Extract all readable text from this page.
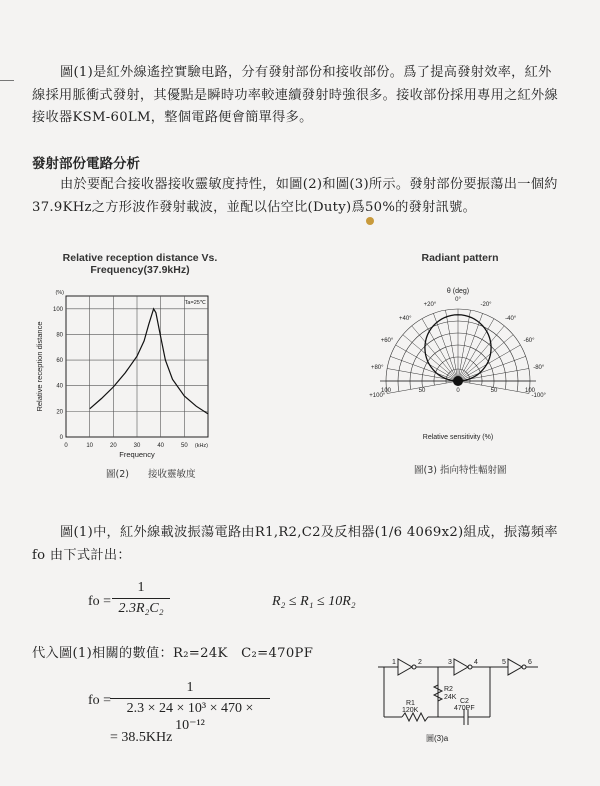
圖(1)是紅外線遙控實驗电路，分有發射部份和接收部份。爲了提高發射效率，紅外線採用脈衝式發射，其優點是瞬時功率較連續發射時強很多。接收部份採用專用之紅外線接收器KSM-60LM，整個電路便會簡單得多。

發射部份電路分析

由於要配合接收器接收靈敏度持性，如圖(2)和圖(3)所示。發射部份要振蕩出一個約37.9KHz之方形波作發射載波，並配以佔空比(Duty)爲50%的發射訊號。

Relative reception distance Vs. Frequency(37.9kHz)
0	10	20	30	40	50
0
20
40
60
80
100
(%)
(kHz)
Ta=25℃
Frequency
Relative reception distance
圖(2)　　接收靈敏度
Radiant pattern
0°
+20°
+40°
+60°
+80°
+100°
-20°
-40°
-60°
-80°
-100°
100	50	0	50	100
θ (deg)
Relative sensitivity (%)
圖(3) 指向特性輻射圖

圖(1)中，紅外線載波振蕩電路由R1,R2,C2及反相器(1/6 4069x2)組成，振蕩頻率 fo 由下式計出：

fo = $\frac{1}{\text{2.3R₂C₂}}$	R₂ ≤ R₁ ≤ 10R₂

代入圖(1)相關的數值：R₂=24K　C₂=470PF

fo =
$\frac{1}{\text{2.3 × 24 × 10³ × 470 × 10⁻¹²}}$
= 38.5KHz
1	2	3	4	5	6
R2
24K
R1
120K
C2
470PF
圖(3)a
